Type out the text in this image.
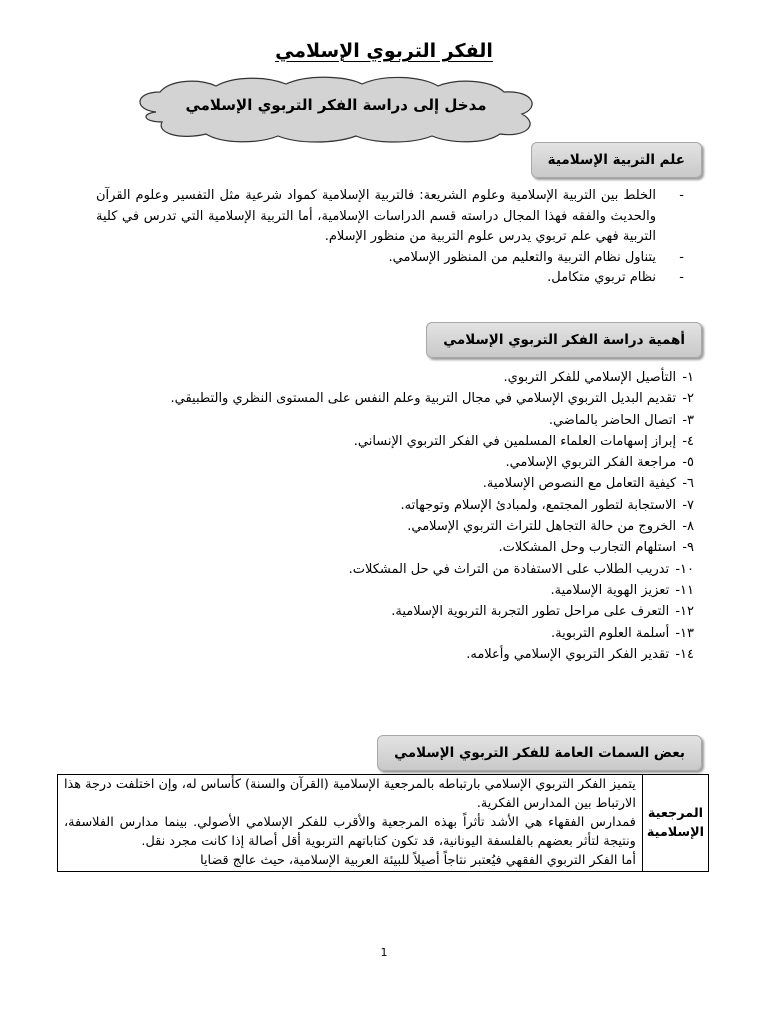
الفكر التربوي الإسلامي
مدخل إلى دراسة الفكر التربوي الإسلامي
علم التربية الإسلامية
-
الخلط بين التربية الإسلامية وعلوم الشريعة: فالتربية الإسلامية كمواد شرعية مثل التفسير وعلوم القرآن والحديث والفقه فهذا المجال دراسته قسم الدراسات الإسلامية، أما التربية الإسلامية التي تدرس في كلية التربية فهي علم تربوي يدرس علوم التربية من منظور الإسلام.
-
يتناول نظام التربية والتعليم من المنظور الإسلامي.
-
نظام تربوي متكامل.
أهمية دراسة الفكر التربوي الإسلامي
١- التأصيل الإسلامي للفكر التربوي.
٢- تقديم البديل التربوي الإسلامي في مجال التربية وعلم النفس على المستوى النظري والتطبيقي.
٣- اتصال الحاضر بالماضي.
٤- إبراز إسهامات العلماء المسلمين في الفكر التربوي الإنساني.
٥- مراجعة الفكر التربوي الإسلامي.
٦- كيفية التعامل مع النصوص الإسلامية.
٧- الاستجابة لتطور المجتمع، ولمبادئ الإسلام وتوجهاته.
٨- الخروج من حالة التجاهل للتراث التربوي الإسلامي.
٩- استلهام التجارب وحل المشكلات.
١٠- تدريب الطلاب على الاستفادة من التراث في حل المشكلات.
١١- تعزيز الهوية الإسلامية.
١٢- التعرف على مراحل تطور التجربة التربوية الإسلامية.
١٣- أسلمة العلوم التربوية.
١٤- تقدير الفكر التربوي الإسلامي وأعلامه.
بعض السمات العامة للفكر التربوي الإسلامي
المرجعية الإسلامية	

يتميز الفكر التربوي الإسلامي بارتباطه بالمرجعية الإسلامية (القرآن والسنة) كأساس له، وإن اختلفت درجة هذا الارتباط بين المدارس الفكرية.

فمدارس الفقهاء هي الأشد تأثراً بهذه المرجعية والأقرب للفكر الإسلامي الأصولي. بينما مدارس الفلاسفة، ونتيجة لتأثر بعضهم بالفلسفة اليونانية، قد تكون كتاباتهم التربوية أقل أصالة إذا كانت مجرد نقل.

أما الفكر التربوي الفقهي فيُعتبر نتاجاً أصيلاً للبيئة العربية الإسلامية، حيث عالج قضايا

1
